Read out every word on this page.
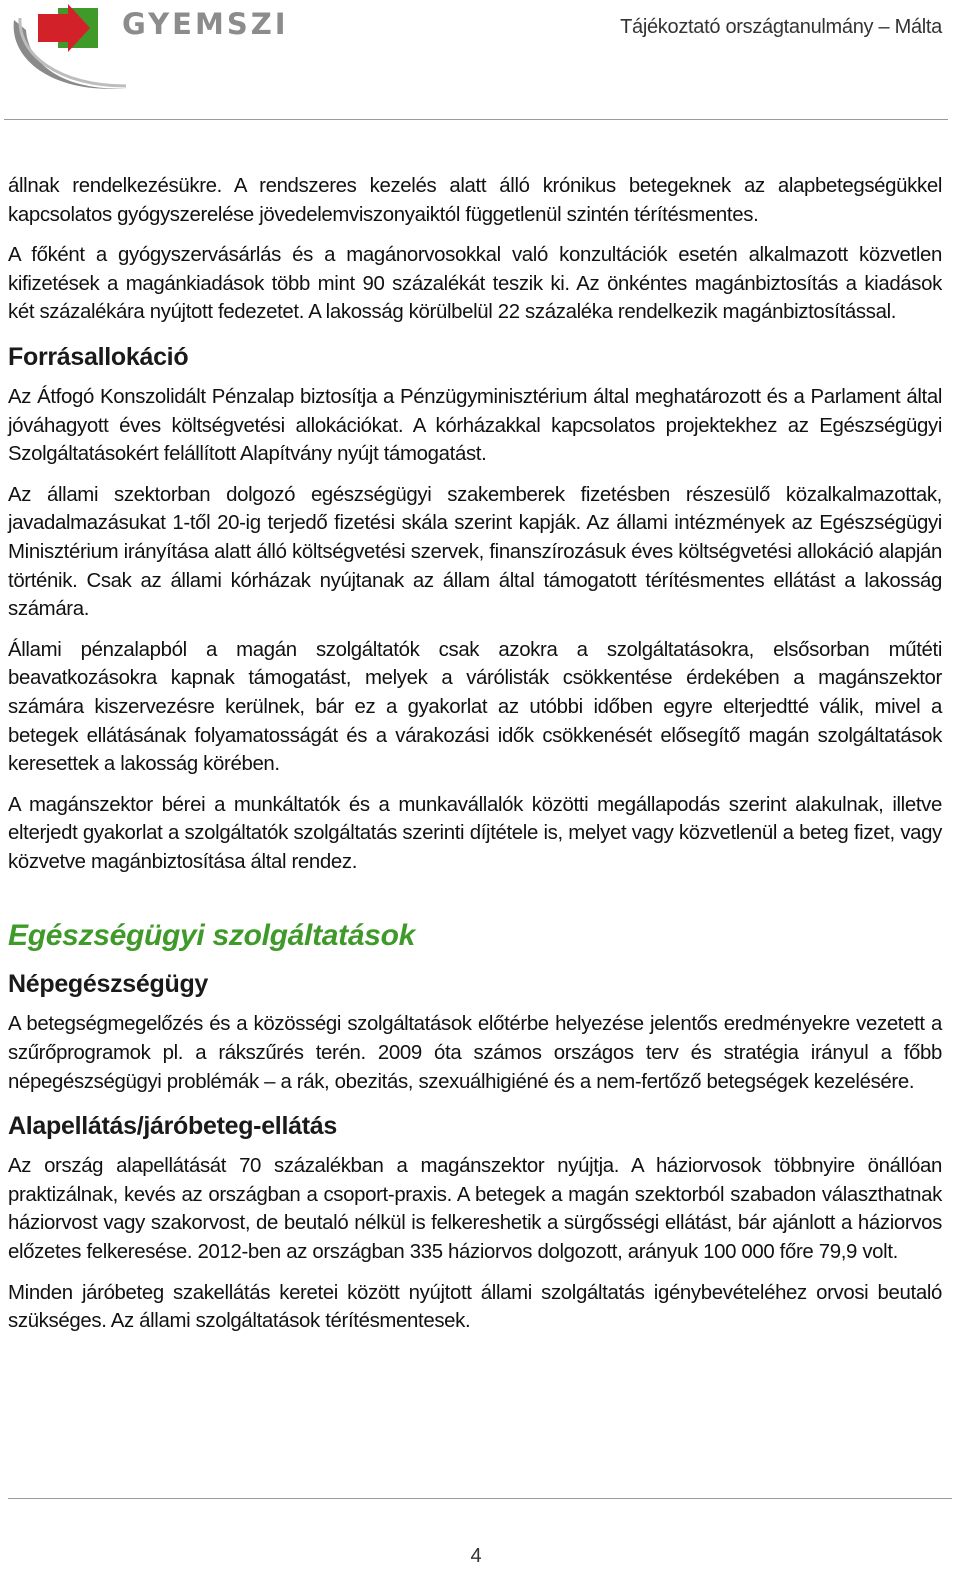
GYEMSZI	Tájékoztató országtanulmány – Málta

állnak rendelkezésükre. A rendszeres kezelés alatt álló krónikus betegeknek az alapbetegségükkel kapcsolatos gyógyszerelése jövedelemviszonyaiktól függetlenül szintén térítésmentes.

A főként a gyógyszervásárlás és a magánorvosokkal való konzultációk esetén alkalmazott közvetlen kifizetések a magánkiadások több mint 90 százalékát teszik ki. Az önkéntes magánbiztosítás a kiadások két százalékára nyújtott fedezetet. A lakosság körülbelül 22 százaléka rendelkezik magánbiztosítással.

Forrásallokáció

Az Átfogó Konszolidált Pénzalap biztosítja a Pénzügyminisztérium által meghatározott és a Parlament által jóváhagyott éves költségvetési allokációkat. A kórházakkal kapcsolatos projektekhez az Egészségügyi Szolgáltatásokért felállított Alapítvány nyújt támogatást.

Az állami szektorban dolgozó egészségügyi szakemberek fizetésben részesülő közalkalmazottak, javadalmazásukat 1-től 20-ig terjedő fizetési skála szerint kapják. Az állami intézmények az Egészségügyi Minisztérium irányítása alatt álló költségvetési szervek, finanszírozásuk éves költségvetési allokáció alapján történik. Csak az állami kórházak nyújtanak az állam által támogatott térítésmentes ellátást a lakosság számára.

Állami pénzalapból a magán szolgáltatók csak azokra a szolgáltatásokra, elsősorban műtéti beavatkozásokra kapnak támogatást, melyek a várólisták csökkentése érdekében a magánszektor számára kiszervezésre kerülnek, bár ez a gyakorlat az utóbbi időben egyre elterjedtté válik, mivel a betegek ellátásának folyamatosságát és a várakozási idők csökkenését elősegítő magán szolgáltatások keresettek a lakosság körében.

A magánszektor bérei a munkáltatók és a munkavállalók közötti megállapodás szerint alakulnak, illetve elterjedt gyakorlat a szolgáltatók szolgáltatás szerinti díjtétele is, melyet vagy közvetlenül a beteg fizet, vagy közvetve magánbiztosítása által rendez.

Egészségügyi szolgáltatások
Népegészségügy

A betegségmegelőzés és a közösségi szolgáltatások előtérbe helyezése jelentős eredményekre vezetett a szűrőprogramok pl. a rákszűrés terén. 2009 óta számos országos terv és stratégia irányul a főbb népegészségügyi problémák – a rák, obezitás, szexuálhigiéné és a nem-fertőző betegségek kezelésére.

Alapellátás/járóbeteg-ellátás

Az ország alapellátását 70 százalékban a magánszektor nyújtja. A háziorvosok többnyire önállóan praktizálnak, kevés az országban a csoport-praxis. A betegek a magán szektorból szabadon választhatnak háziorvost vagy szakorvost, de beutaló nélkül is felkereshetik a sürgősségi ellátást, bár ajánlott a háziorvos előzetes felkeresése. 2012-ben az országban 335 háziorvos dolgozott, arányuk 100 000 főre 79,9 volt.

Minden járóbeteg szakellátás keretei között nyújtott állami szolgáltatás igénybevételéhez orvosi beutaló szükséges. Az állami szolgáltatások térítésmentesek.

4
